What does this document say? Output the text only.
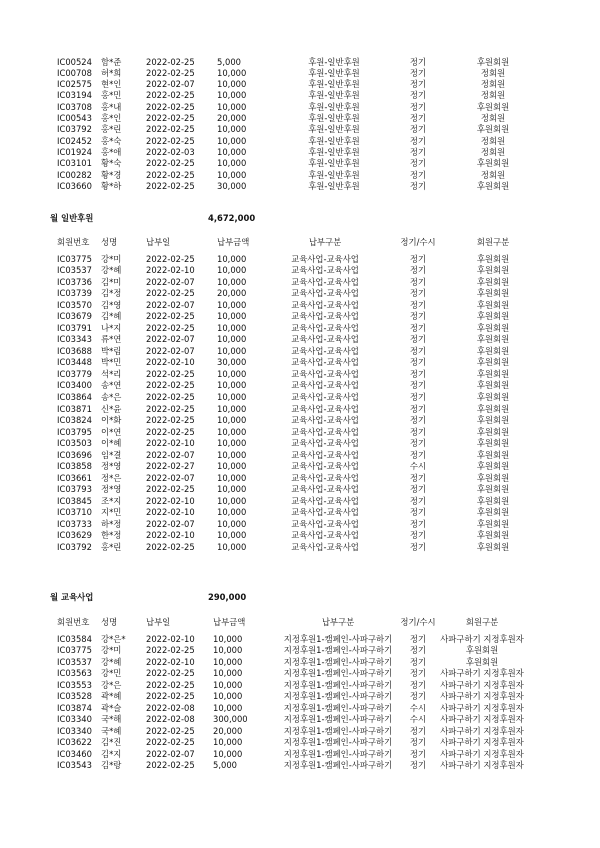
IC00524 함*준	2022-02-25	5,000	후원-일반후원	정기	후원회원
IC00708 허*희	2022-02-25	10,000	후원-일반후원	정기	정회원
IC02575 현*인	2022-02-07	10,000	후원-일반후원	정기	정회원
IC03194 홍*민	2022-02-25	10,000	후원-일반후원	정기	정회원
IC03708 홍*내	2022-02-25	10,000	후원-일반후원	정기	후원회원
IC00543 홍*인	2022-02-25	20,000	후원-일반후원	정기	정회원
IC03792 홍*린	2022-02-25	10,000	후원-일반후원	정기	후원회원
IC02452 홍*숙	2022-02-25	10,000	후원-일반후원	정기	정회원
IC01924 홍*애	2022-02-03	10,000	후원-일반후원	정기	정회원
IC03101 황*숙	2022-02-25	10,000	후원-일반후원	정기	후원회원
IC00282 황*경	2022-02-25	10,000	후원-일반후원	정기	정회원
IC03660 황*하	2022-02-25	30,000	후원-일반후원	정기	후원회원
월 일반후원	4,672,000
회원번호 성명	납부일	납부금액	납부구분	정기/수시	회원구분
IC03775 강*미	2022-02-25	10,000	교육사업-교육사업	정기	후원회원
IC03537 강*혜	2022-02-10	10,000	교육사업-교육사업	정기	후원회원
IC03736 김*미	2022-02-07	10,000	교육사업-교육사업	정기	후원회원
IC03739 김*정	2022-02-25	20,000	교육사업-교육사업	정기	후원회원
IC03570 김*영	2022-02-07	10,000	교육사업-교육사업	정기	후원회원
IC03679 김*혜	2022-02-25	10,000	교육사업-교육사업	정기	후원회원
IC03791 나*지	2022-02-25	10,000	교육사업-교육사업	정기	후원회원
IC03343 류*연	2022-02-07	10,000	교육사업-교육사업	정기	후원회원
IC03688 박*림	2022-02-07	10,000	교육사업-교육사업	정기	후원회원
IC03448 박*민	2022-02-10	30,000	교육사업-교육사업	정기	후원회원
IC03779 석*리	2022-02-25	10,000	교육사업-교육사업	정기	후원회원
IC03400 송*연	2022-02-25	10,000	교육사업-교육사업	정기	후원회원
IC03864 송*은	2022-02-25	10,000	교육사업-교육사업	정기	후원회원
IC03871 신*윤	2022-02-25	10,000	교육사업-교육사업	정기	후원회원
IC03824 이*화	2022-02-25	10,000	교육사업-교육사업	정기	후원회원
IC03795 이*연	2022-02-25	10,000	교육사업-교육사업	정기	후원회원
IC03503 이*혜	2022-02-10	10,000	교육사업-교육사업	정기	후원회원
IC03696 임*결	2022-02-07	10,000	교육사업-교육사업	정기	후원회원
IC03858 정*영	2022-02-27	10,000	교육사업-교육사업	수시	후원회원
IC03661 정*은	2022-02-07	10,000	교육사업-교육사업	정기	후원회원
IC03793 정*영	2022-02-25	10,000	교육사업-교육사업	정기	후원회원
IC03845 조*지	2022-02-10	10,000	교육사업-교육사업	정기	후원회원
IC03710 지*민	2022-02-10	10,000	교육사업-교육사업	정기	후원회원
IC03733 하*정	2022-02-07	10,000	교육사업-교육사업	정기	후원회원
IC03629 한*정	2022-02-10	10,000	교육사업-교육사업	정기	후원회원
IC03792 홍*린	2022-02-25	10,000	교육사업-교육사업	정기	후원회원
월 교육사업	290,000
회원번호 성명	납부일	납부금액	납부구분	정기/수시	회원구분
IC03584 강*은* 2022-02-10 10,000	지정후원1-캠페인-사파구하기	정기	사파구하기 지정후원자
IC03775 강*미	2022-02-25 10,000	지정후원1-캠페인-사파구하기	정기	후원회원
IC03537 강*혜	2022-02-10 10,000	지정후원1-캠페인-사파구하기	정기	후원회원
IC03563 강*민	2022-02-25 10,000	지정후원1-캠페인-사파구하기	정기	사파구하기 지정후원자
IC03553 강*은	2022-02-25 10,000	지정후원1-캠페인-사파구하기	정기	사파구하기 지정후원자
IC03528 곽*혜	2022-02-25 10,000	지정후원1-캠페인-사파구하기	정기	사파구하기 지정후원자
IC03874 곽*슬	2022-02-08 10,000	지정후원1-캠페인-사파구하기	수시	사파구하기 지정후원자
IC03340 국*해	2022-02-08 300,000	지정후원1-캠페인-사파구하기	수시	사파구하기 지정후원자
IC03340 국*혜	2022-02-25 20,000	지정후원1-캠페인-사파구하기	정기	사파구하기 지정후원자
IC03622 김*진	2022-02-25 10,000	지정후원1-캠페인-사파구하기	정기	사파구하기 지정후원자
IC03460 김*지	2022-02-07 10,000	지정후원1-캠페인-사파구하기	정기	사파구하기 지정후원자
IC03543 김*랑	2022-02-25 5,000	지정후원1-캠페인-사파구하기	정기	사파구하기 지정후원자
